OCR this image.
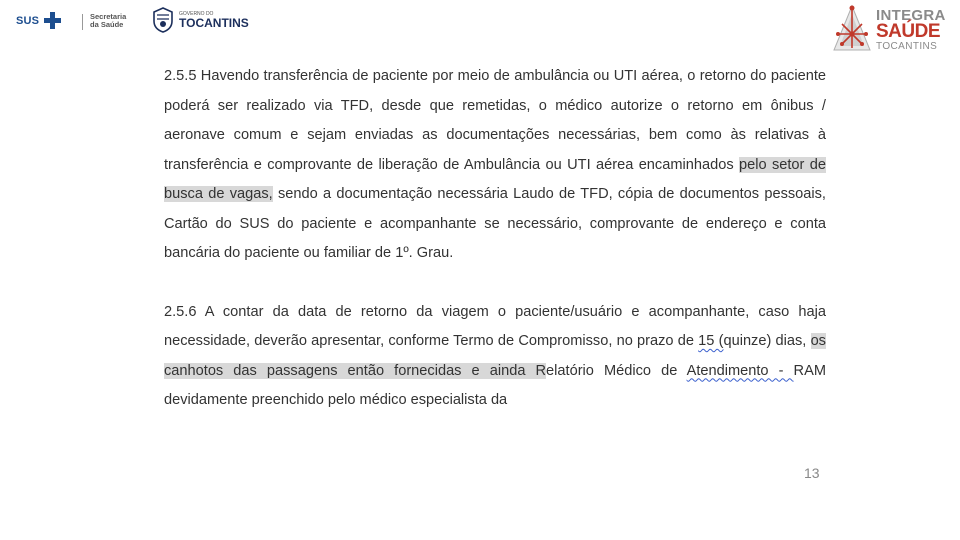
SUS	Secretaria
da Saúde
GOVERNO DO
TOCANTINS	INTEGRA
SAÚDE
TOCANTINS

2.5.5 Havendo transferência de paciente por meio de ambulância ou UTI aérea, o retorno do paciente poderá ser realizado via TFD, desde que remetidas, o médico autorize o retorno em ônibus / aeronave comum e sejam enviadas as documentações necessárias, bem como às relativas à transferência e comprovante de liberação de Ambulância ou UTI aérea encaminhados pelo setor de busca de vagas, sendo a documentação necessária Laudo de TFD, cópia de documentos pessoais, Cartão do SUS do paciente e acompanhante se necessário, comprovante de endereço e conta bancária do paciente ou familiar de 1º. Grau.

2.5.6 A contar da data de retorno da viagem o paciente/usuário e acompanhante, caso haja necessidade, deverão apresentar, conforme Termo de Compromisso, no prazo de 15 (quinze) dias, os canhotos das passagens então fornecidas e ainda Relatório Médico de Atendimento - RAM devidamente preenchido pelo médico especialista da

13
